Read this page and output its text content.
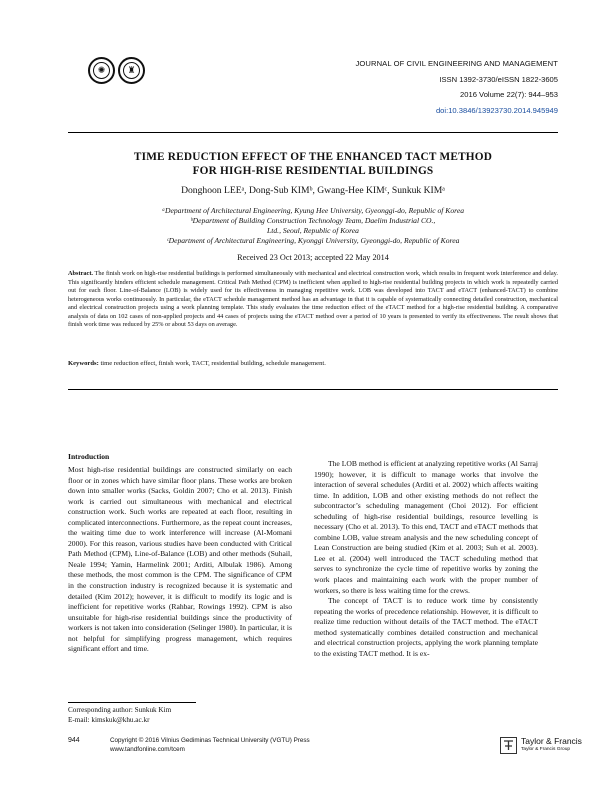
✺	♜
JOURNAL OF CIVIL ENGINEERING AND MANAGEMENT
ISSN 1392-3730/eISSN 1822-3605
2016 Volume 22(7): 944–953
doi:10.3846/13923730.2014.945949
TIME REDUCTION EFFECT OF THE ENHANCED TACT METHOD
FOR HIGH-RISE RESIDENTIAL BUILDINGS
Donghoon LEEᵃ, Dong-Sub KIMᵇ, Gwang-Hee KIMᶜ, Sunkuk KIMᵃ
ᵃDepartment of Architectural Engineering, Kyung Hee University, Gyeonggi-do, Republic of Korea
ᵇDepartment of Building Construction Technology Team, Daelim Industrial CO.,
Ltd., Seoul, Republic of Korea
ᶜDepartment of Architectural Engineering, Kyonggi University, Gyeonggi-do, Republic of Korea
Received 23 Oct 2013; accepted 22 May 2014
Abstract. The finish work on high-rise residential buildings is performed simultaneously with mechanical and electrical construction work, which results in frequent work interference and delay. This significantly hinders efficient schedule management. Critical Path Method (CPM) is inefficient when applied to high-rise residential building projects in which work is repeatedly carried out for each floor. Line-of-Balance (LOB) is widely used for its effectiveness in managing repetitive work. LOB was developed into TACT and eTACT (enhanced-TACT) to combine heterogeneous works continuously. In particular, the eTACT schedule management method has an advantage in that it is capable of systematically connecting detailed construction, mechanical and electrical construction projects using a work planning template. This study evaluates the time reduction effect of the eTACT method for a high-rise residential building. A comparative analysis of data on 102 cases of non-applied projects and 44 cases of projects using the eTACT method over a period of 10 years is presented to verify its effectiveness. The result shows that finish work time was reduced by 25% or about 53 days on average.
Keywords: time reduction effect, finish work, TACT, residential building, schedule management.
Introduction

Most high-rise residential buildings are constructed similarly on each floor or in zones which have similar floor plans. These works are broken down into smaller works (Sacks, Goldin 2007; Cho et al. 2013). Finish work is carried out simultaneous with mechanical and electrical construction work. Such works are repeated at each floor, resulting in complicated interconnections. Furthermore, as the repeat count increases, the waiting time due to work interference will increase (Al-Momani 2000). For this reason, various studies have been conducted with Critical Path Method (CPM), Line-of-Balance (LOB) and other methods (Suhail, Neale 1994; Yamin, Harmelink 2001; Arditi, Albulak 1986). Among these methods, the most common is the CPM. The significance of CPM in the construction industry is recognized because it is systematic and detailed (Kim 2012); however, it is difficult to modify its logic and is inefficient for repetitive works (Rahbar, Rowings 1992). CPM is also unsuitable for high-rise residential buildings since the productivity of workers is not taken into consideration (Selinger 1980). In particular, it is not helpful for simplifying progress management, which requires significant effort and time.

The LOB method is efficient at analyzing repetitive works (Al Sarraj 1990); however, it is difficult to manage works that involve the interaction of several schedules (Arditi et al. 2002) which affects waiting time. In addition, LOB and other existing methods do not reflect the subcontractor’s scheduling management (Choi 2012). For efficient scheduling of high-rise residential buildings, resource levelling is necessary (Cho et al. 2013). To this end, TACT and eTACT methods that combine LOB, value stream analysis and the new scheduling concept of Lean Construction are being studied (Kim et al. 2003; Suh et al. 2003). Lee et al. (2004) well introduced the TACT scheduling method that serves to synchronize the cycle time of repetitive works by zoning the work places and maintaining each work with the proper number of workers, so there is less waiting time for the crews.

The concept of TACT is to reduce work time by consistently repeating the works of precedence relationship. However, it is difficult to realize time reduction without details of the TACT method. The eTACT method systematically combines detailed construction and mechanical and electrical construction projects, applying the work planning template to the existing TACT method. It is ex-

Corresponding author: Sunkuk Kim
E-mail: kimskuk@khu.ac.kr
944	Copyright © 2016 Vilnius Gediminas Technical University (VGTU) Press
www.tandfonline.com/tcem
Taylor & Francis
Taylor & Francis Group
